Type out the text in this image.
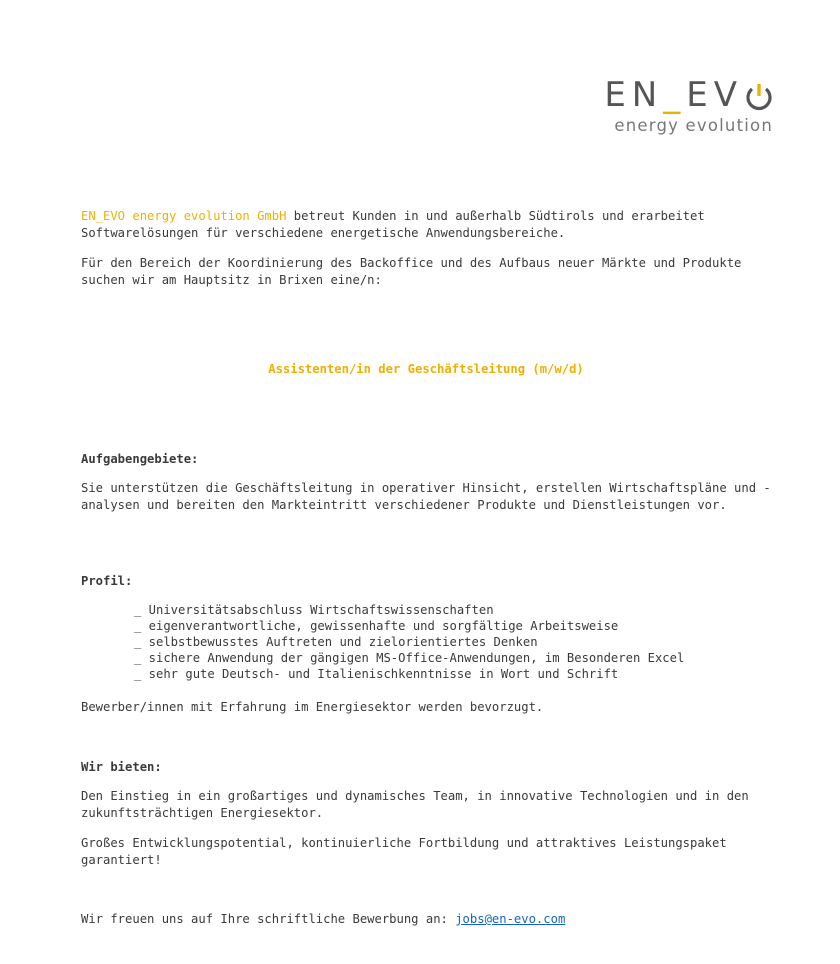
EN _ EV
energy evolution

EN_EVO energy evolution GmbH betreut Kunden in und außerhalb Südtirols und erarbeitet Softwarelösungen für verschiedene energetische Anwendungsbereiche.

Für den Bereich der Koordinierung des Backoffice und des Aufbaus neuer Märkte und Produkte suchen wir am Hauptsitz in Brixen eine/n:

Assistenten/in der Geschäftsleitung (m/w/d)

Aufgabengebiete:

Sie unterstützen die Geschäftsleitung in operativer Hinsicht, erstellen Wirtschaftspläne und -analysen und bereiten den Markteintritt verschiedener Produkte und Dienstleistungen vor.

Profil:

_ Universitätsabschluss Wirtschaftswissenschaften
_ eigenverantwortliche, gewissenhafte und sorgfältige Arbeitsweise
_ selbstbewusstes Auftreten und zielorientiertes Denken
_ sichere Anwendung der gängigen MS-Office-Anwendungen, im Besonderen Excel
_ sehr gute Deutsch- und Italienischkenntnisse in Wort und Schrift

Bewerber/innen mit Erfahrung im Energiesektor werden bevorzugt.

Wir bieten:

Den Einstieg in ein großartiges und dynamisches Team, in innovative Technologien und in den zukunftsträchtigen Energiesektor.

Großes Entwicklungspotential, kontinuierliche Fortbildung und attraktives Leistungspaket garantiert!

Wir freuen uns auf Ihre schriftliche Bewerbung an: jobs@en-evo.com
